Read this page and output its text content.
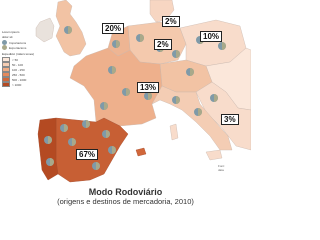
Lorem ipsum
dolor sit
Importacions
Exportacions
Expedició (milers tones)
< 50
50 - 100
100 - 250
250 - 500
500 - 1000
> 1000
2%
20%
2%
10%
13%
3%
67%
Font:
data
Modo Rodoviário
(origens e destinos de mercadoria, 2010)
